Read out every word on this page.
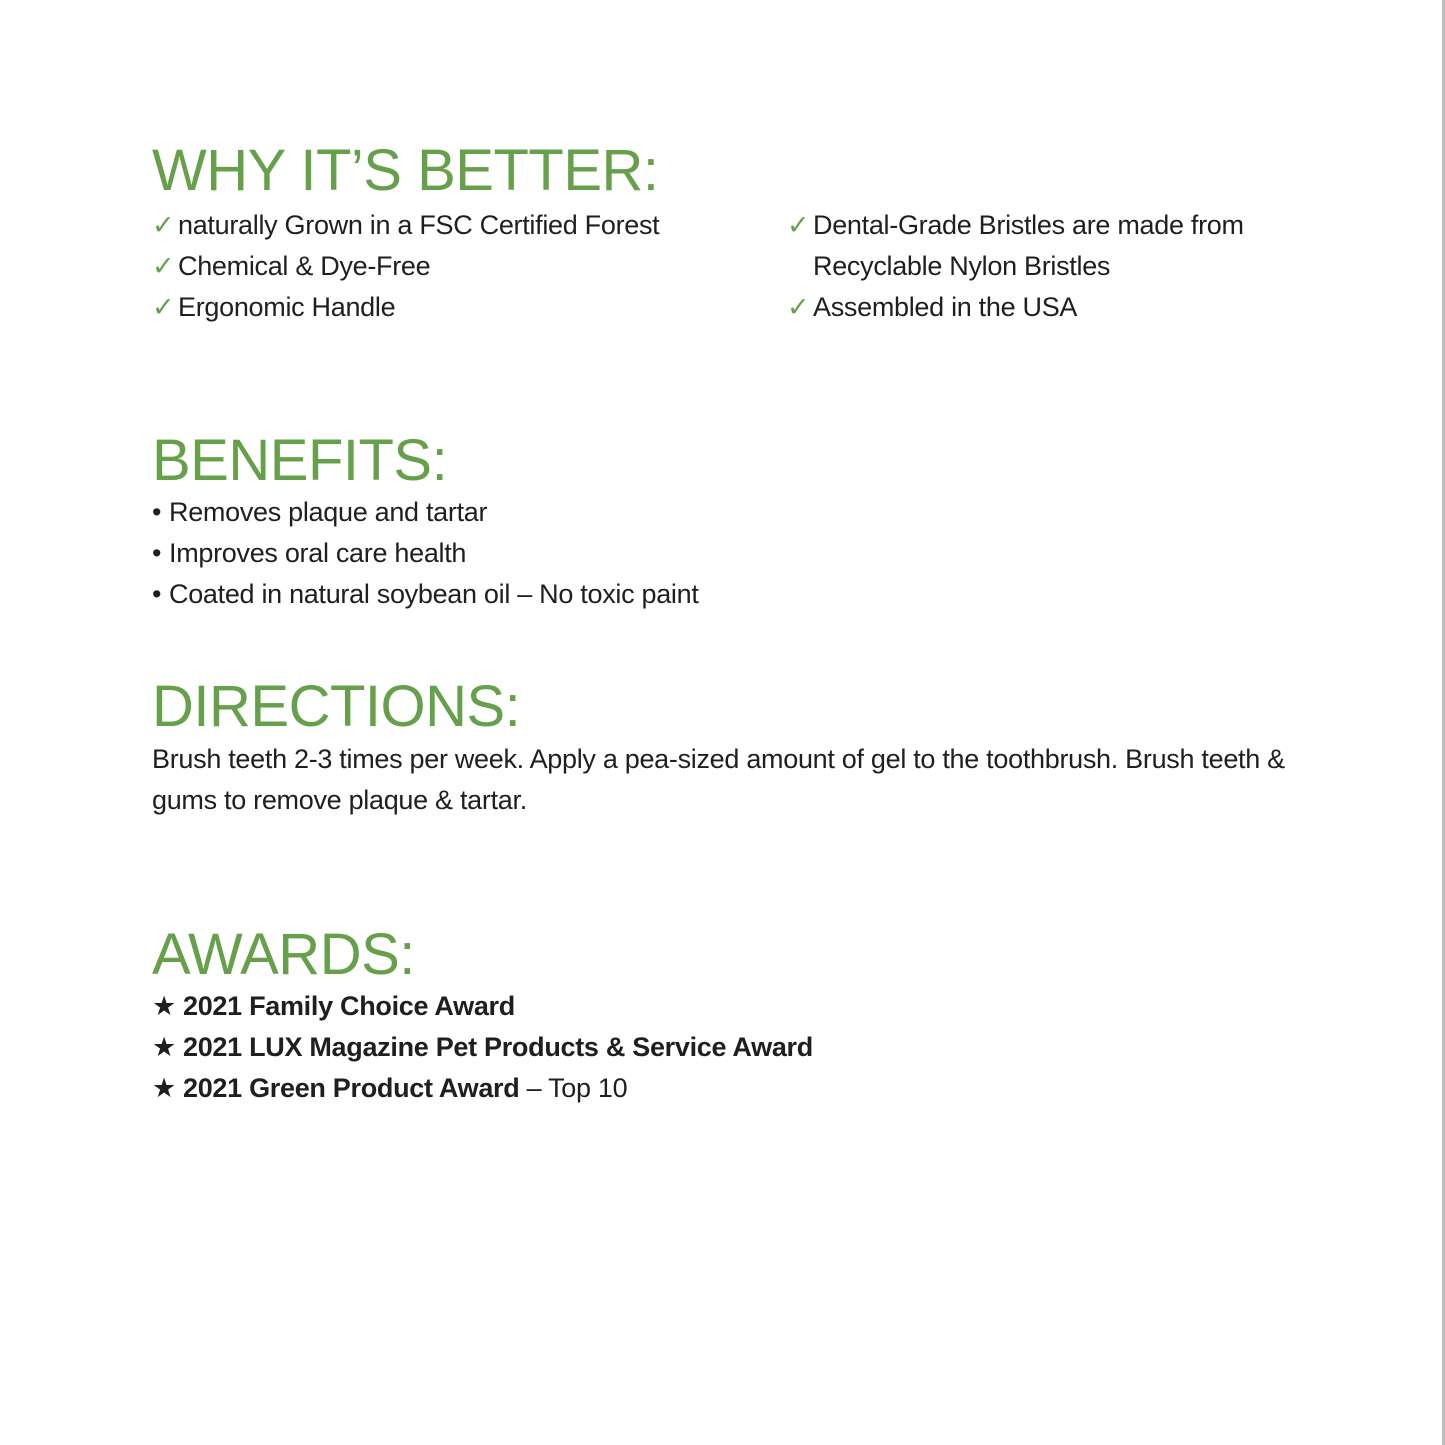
WHY IT’S BETTER:
✓ naturally Grown in a FSC Certified Forest
✓ Chemical & Dye-Free
✓ Ergonomic Handle
✓ Dental-Grade Bristles are made from
Recyclable Nylon Bristles
✓ Assembled in the USA
BENEFITS:
• Removes plaque and tartar
• Improves oral care health
• Coated in natural soybean oil – No toxic paint
DIRECTIONS:

Brush teeth 2-3 times per week. Apply a pea-sized amount of gel to the toothbrush. Brush teeth & gums to remove plaque & tartar.

AWARDS:
★ 2021 Family Choice Award
★ 2021 LUX Magazine Pet Products & Service Award
★ 2021 Green Product Award – Top 10
